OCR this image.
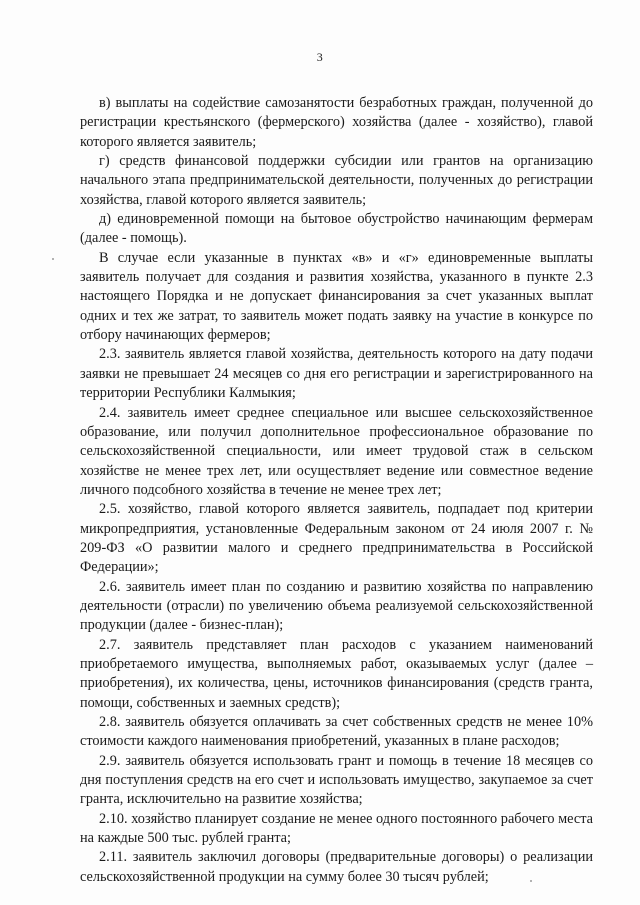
3

в) выплаты на содействие самозанятости безработных граждан, полученной до регистрации крестьянского (фермерского) хозяйства (далее - хозяйство), главой которого является заявитель;

г) средств финансовой поддержки субсидии или грантов на организацию начального этапа предпринимательской деятельности, полученных до регистрации хозяйства, главой которого является заявитель;

д) единовременной помощи на бытовое обустройство начинающим фермерам (далее - помощь).

В случае если указанные в пунктах «в» и «г» единовременные выплаты заявитель получает для создания и развития хозяйства, указанного в пункте 2.3 настоящего Порядка и не допускает финансирования за счет указанных выплат одних и тех же затрат, то заявитель может подать заявку на участие в конкурсе по отбору начинающих фермеров;

2.3. заявитель является главой хозяйства, деятельность которого на дату подачи заявки не превышает 24 месяцев со дня его регистрации и зарегистрированного на территории Республики Калмыкия;

2.4. заявитель имеет среднее специальное или высшее сельскохозяйственное образование, или получил дополнительное профессиональное образование по сельскохозяйственной специальности, или имеет трудовой стаж в сельском хозяйстве не менее трех лет, или осуществляет ведение или совместное ведение личного подсобного хозяйства в течение не менее трех лет;

2.5. хозяйство, главой которого является заявитель, подпадает под критерии микропредприятия, установленные Федеральным законом от 24 июля 2007 г. № 209-ФЗ «О развитии малого и среднего предпринимательства в Российской Федерации»;

2.6. заявитель имеет план по созданию и развитию хозяйства по направлению деятельности (отрасли) по увеличению объема реализуемой сельскохозяйственной продукции (далее - бизнес-план);

2.7. заявитель представляет план расходов с указанием наименований приобретаемого имущества, выполняемых работ, оказываемых услуг (далее – приобретения), их количества, цены, источников финансирования (средств гранта, помощи, собственных и заемных средств);

2.8. заявитель обязуется оплачивать за счет собственных средств не менее 10% стоимости каждого наименования приобретений, указанных в плане расходов;

2.9. заявитель обязуется использовать грант и помощь в течение 18 месяцев со дня поступления средств на его счет и использовать имущество, закупаемое за счет гранта, исключительно на развитие хозяйства;

2.10. хозяйство планирует создание не менее одного постоянного рабочего места на каждые 500 тыс. рублей гранта;

2.11. заявитель заключил договоры (предварительные договоры) о реализации сельскохозяйственной продукции на сумму более 30 тысяч рублей;
